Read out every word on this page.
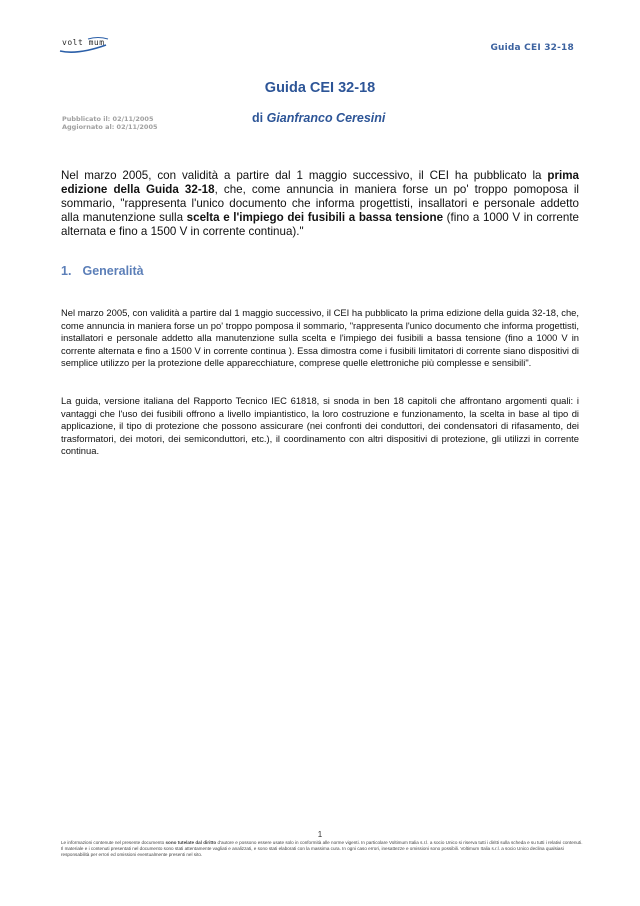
volt mum
Guida CEI 32-18
Guida CEI 32-18
Pubblicato il: 02/11/2005
Aggiornato al: 02/11/2005
di Gianfranco Ceresini
Nel marzo 2005, con validità a partire dal 1 maggio successivo, il CEI ha pubblicato la prima edizione della Guida 32-18, che, come annuncia in maniera forse un po' troppo pomoposa il sommario, "rappresenta l'unico documento che informa progettisti, insallatori e personale addetto alla manutenzione sulla scelta e l'impiego dei fusibili a bassa tensione (fino a 1000 V in corrente alternata e fino a 1500 V in corrente continua)."
1. Generalità
Nel marzo 2005, con validità a partire dal 1 maggio successivo, il CEI ha pubblicato la prima edizione della guida 32-18, che, come annuncia in maniera forse un po' troppo pomposa il sommario, "rappresenta l'unico documento che informa progettisti, installatori e personale addetto alla manutenzione sulla scelta e l'impiego dei fusibili a bassa tensione (fino a 1000 V in corrente alternata e fino a 1500 V in corrente continua ). Essa dimostra come i fusibili limitatori di corrente siano dispositivi di semplice utilizzo per la protezione delle apparecchiature, comprese quelle elettroniche più complesse e sensibili".
La guida, versione italiana del Rapporto Tecnico IEC 61818, si snoda in ben 18 capitoli che affrontano argomenti quali: i vantaggi che l'uso dei fusibili offrono a livello impiantistico, la loro costruzione e funzionamento, la scelta in base al tipo di applicazione, il tipo di protezione che possono assicurare (nei confronti dei conduttori, dei condensatori di rifasamento, dei trasformatori, dei motori, dei semiconduttori, etc.), il coordinamento con altri dispositivi di protezione, gli utilizzi in corrente continua.
1
Le informazioni contenute nel presente documento sono tutelate dal diritto d'autore e possono essere usate solo in conformità alle norme vigenti. In particolare Voltimum Italia s.r.l. a socio Unico si riserva tutti i diritti sulla scheda e su tutti i relativi contenuti.
Il materiale e i contenuti presentati nel documento sono stati attentamente vagliati e analizzati, e sono stati elaborati con la massima cura. In ogni caso errori, inesattezze e omissioni sono possibili. Voltimum Italia s.r.l. a socio Unico declina qualsiasi responsabilità per errori ed omissioni eventualmente presenti nel sito.
